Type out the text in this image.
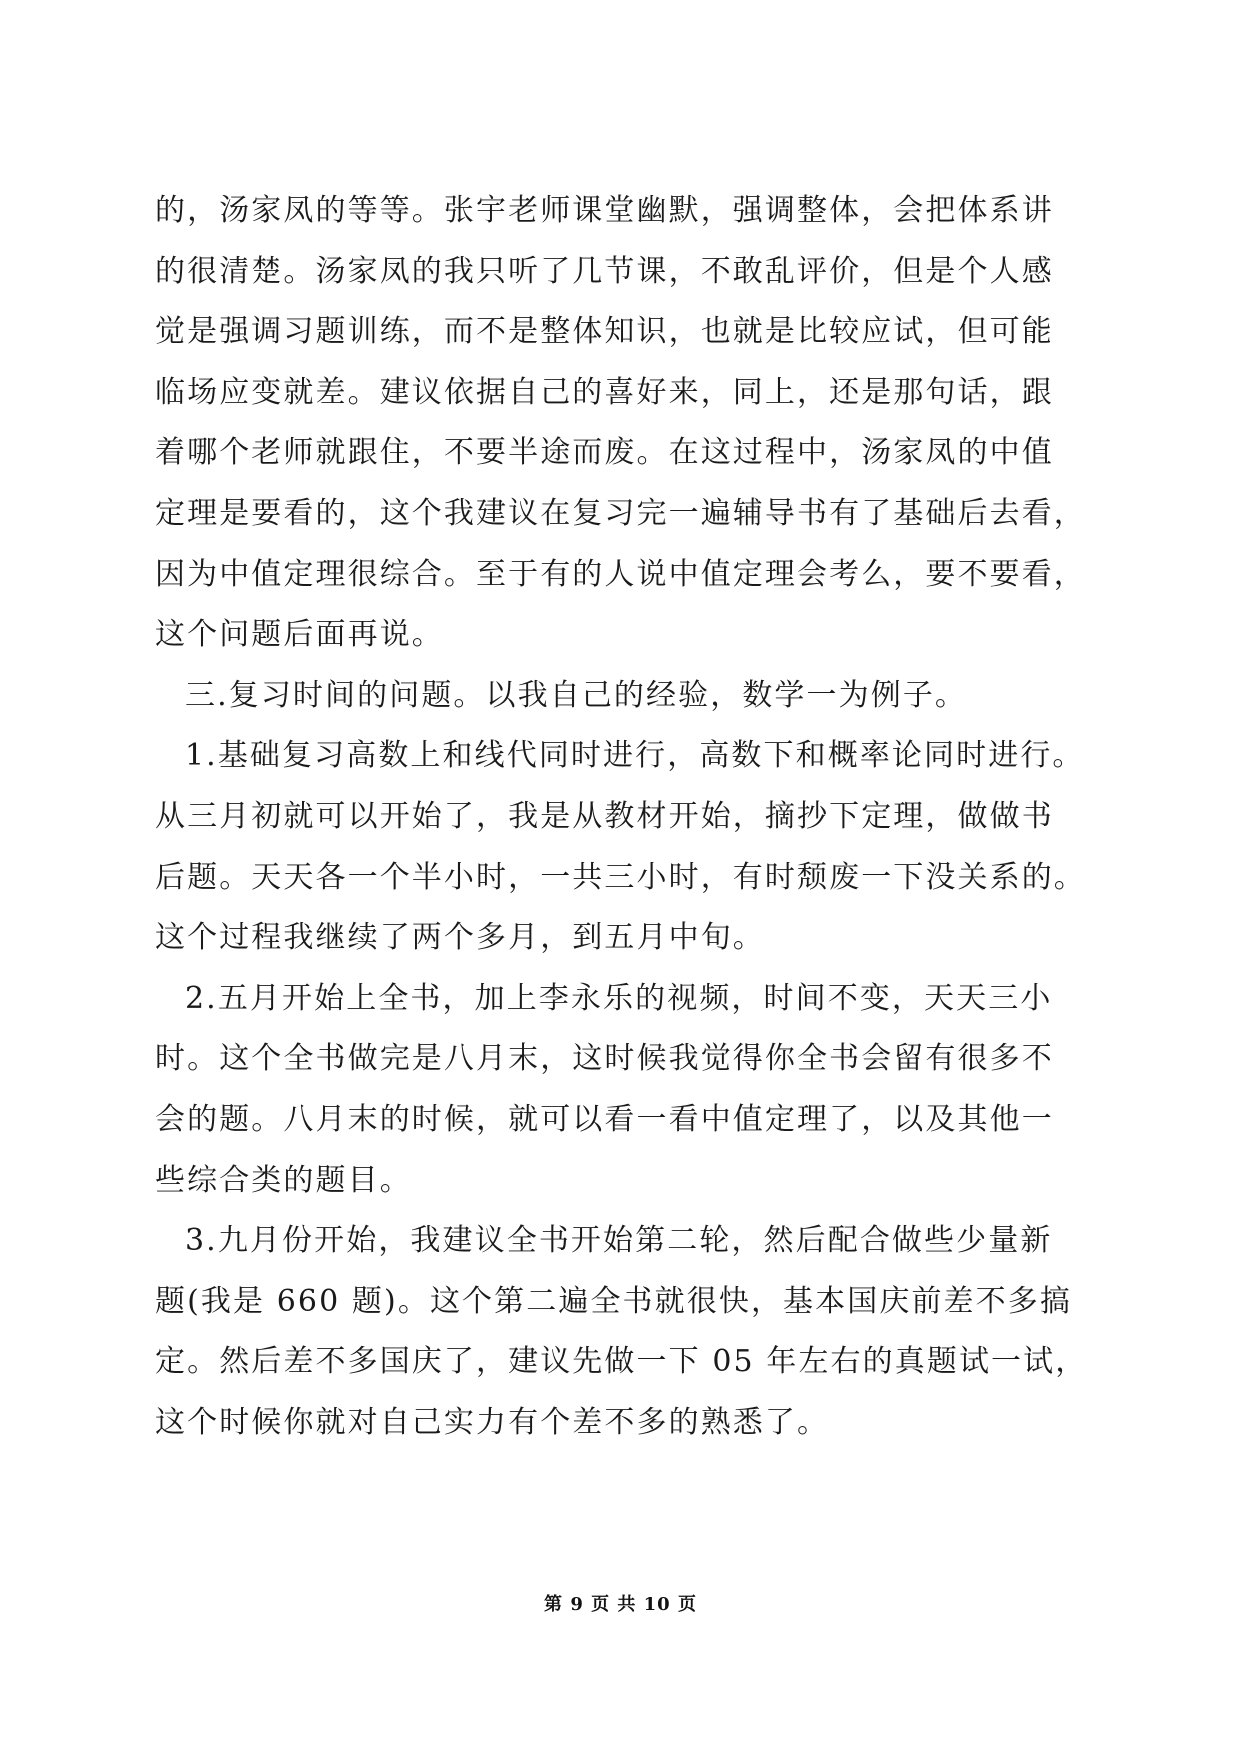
的，汤家凤的等等。张宇老师课堂幽默，强调整体，会把体系讲
的很清楚。汤家凤的我只听了几节课，不敢乱评价，但是个人感
觉是强调习题训练，而不是整体知识，也就是比较应试，但可能
临场应变就差。建议依据自己的喜好来，同上，还是那句话，跟
着哪个老师就跟住，不要半途而废。在这过程中，汤家凤的中值
定理是要看的，这个我建议在复习完一遍辅导书有了基础后去看，
因为中值定理很综合。至于有的人说中值定理会考么，要不要看，
这个问题后面再说。
三.复习时间的问题。以我自己的经验，数学一为例子。
1.基础复习高数上和线代同时进行，高数下和概率论同时进行。
从三月初就可以开始了，我是从教材开始，摘抄下定理，做做书
后题。天天各一个半小时，一共三小时，有时颓废一下没关系的。
这个过程我继续了两个多月，到五月中旬。
2.五月开始上全书，加上李永乐的视频，时间不变，天天三小
时。这个全书做完是八月末，这时候我觉得你全书会留有很多不
会的题。八月末的时候，就可以看一看中值定理了，以及其他一
些综合类的题目。
3.九月份开始，我建议全书开始第二轮，然后配合做些少量新
题(我是 660 题)。这个第二遍全书就很快，基本国庆前差不多搞
定。然后差不多国庆了，建议先做一下 05 年左右的真题试一试，
这个时候你就对自己实力有个差不多的熟悉了。
第 9 页 共 10 页
